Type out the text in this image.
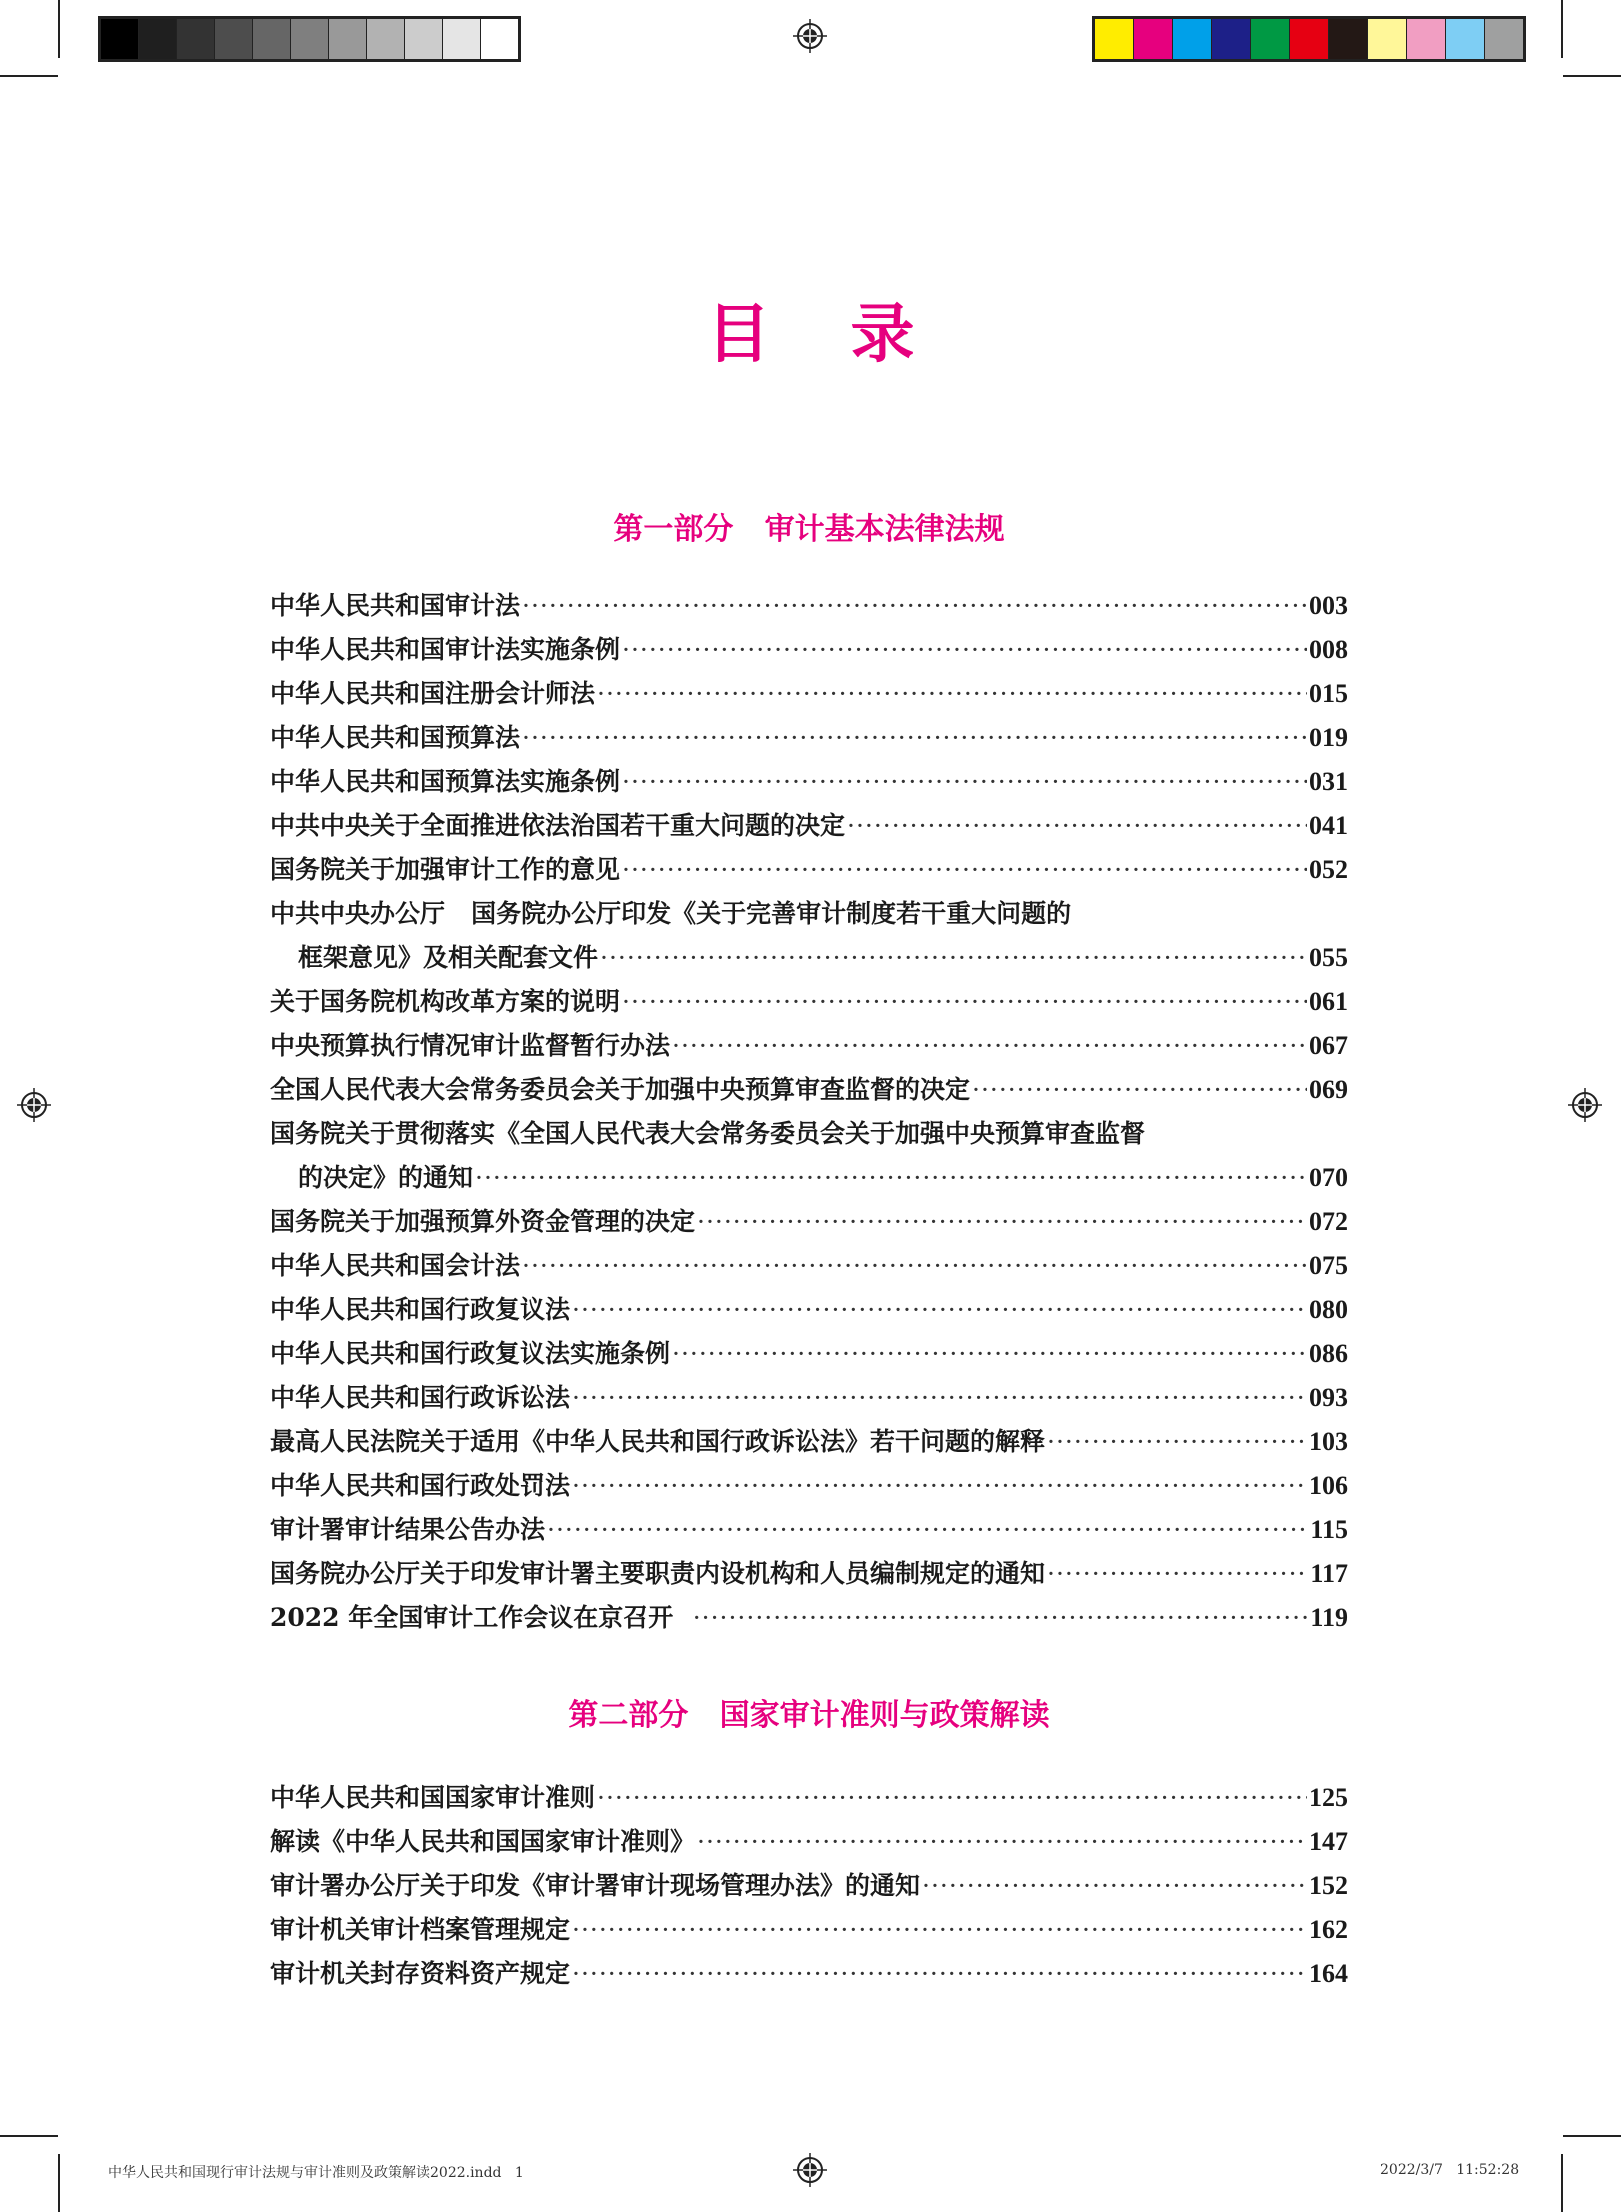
目录
第一部分   审计基本法律法规
中华人民共和国审计法 ·····	003
中华人民共和国审计法实施条例 ·····	008
中华人民共和国注册会计师法 ·····	015
中华人民共和国预算法 ·····	019
中华人民共和国预算法实施条例 ·····	031
中共中央关于全面推进依法治国若干重大问题的决定 ·····	041
国务院关于加强审计工作的意见 ·····	052
中共中央办公厅   国务院办公厅印发《关于完善审计制度若干重大问题的
框架意见》及相关配套文件 ·····	055
关于国务院机构改革方案的说明 ·····	061
中央预算执行情况审计监督暂行办法 ·····	067
全国人民代表大会常务委员会关于加强中央预算审查监督的决定 ·····	069
国务院关于贯彻落实《全国人民代表大会常务委员会关于加强中央预算审查监督
的决定》的通知 ·····	070
国务院关于加强预算外资金管理的决定 ·····	072
中华人民共和国会计法 ·····	075
中华人民共和国行政复议法 ·····	080
中华人民共和国行政复议法实施条例 ·····	086
中华人民共和国行政诉讼法 ·····	093
最高人民法院关于适用《中华人民共和国行政诉讼法》若干问题的解释 ·····	103
中华人民共和国行政处罚法 ·····	106
审计署审计结果公告办法 ·····	115
国务院办公厅关于印发审计署主要职责内设机构和人员编制规定的通知 ·····	117
2022 年全国审计工作会议在京召开 ·····	119
第二部分   国家审计准则与政策解读
中华人民共和国国家审计准则 ·····	125
解读《中华人民共和国国家审计准则》 ·····	147
审计署办公厅关于印发《审计署审计现场管理办法》的通知 ·····	152
审计机关审计档案管理规定 ·····	162
审计机关封存资料资产规定 ·····	164
中华人民共和国现行审计法规与审计准则及政策解读2022.indd   1	2022/3/7   11:52:28
